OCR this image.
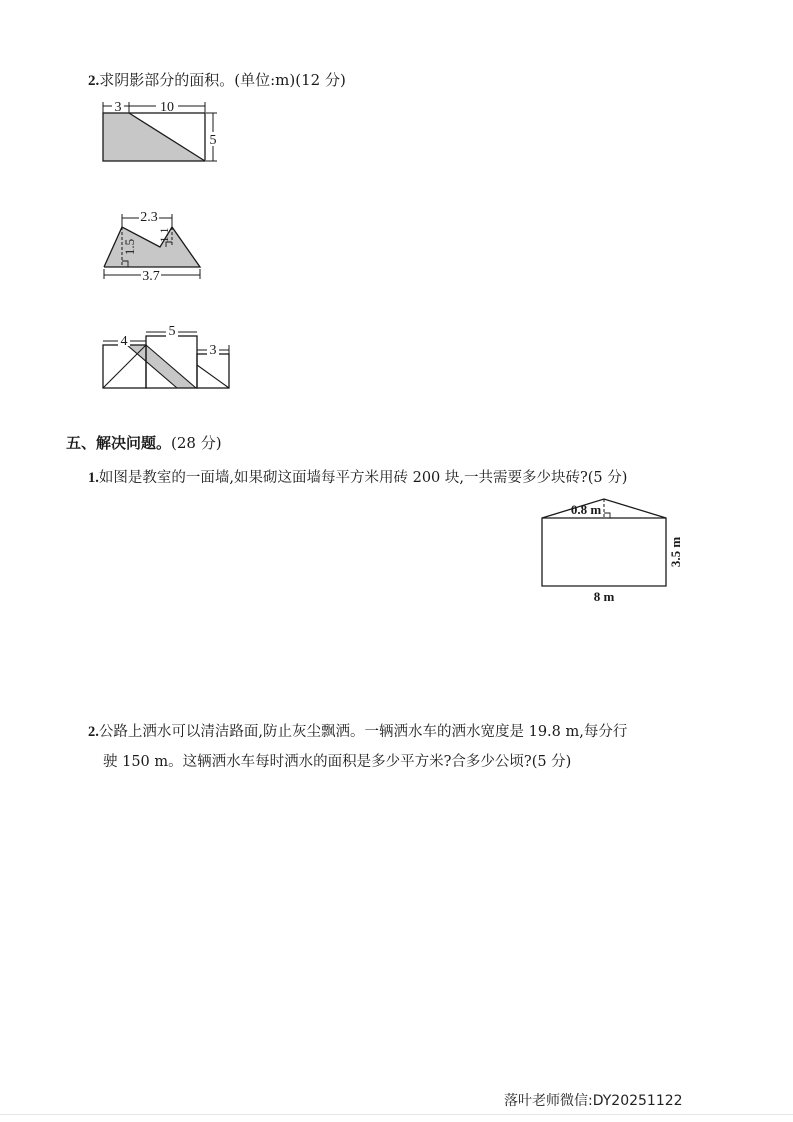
2.求阴影部分的面积。(单位:m)(12 分)
3	10
5
2.3
1.5
1.1
3.7
4
5
3
五、解决问题。(28 分)
1.如图是教室的一面墙,如果砌这面墙每平方米用砖 200 块,一共需要多少块砖?(5 分)
0.8 m
3.5 m
8 m
2.公路上洒水可以清洁路面,防止灰尘飘洒。一辆洒水车的洒水宽度是 19.8 m,每分行
驶 150 m。这辆洒水车每时洒水的面积是多少平方米?合多少公顷?(5 分)
落叶老师微信:DY20251122
